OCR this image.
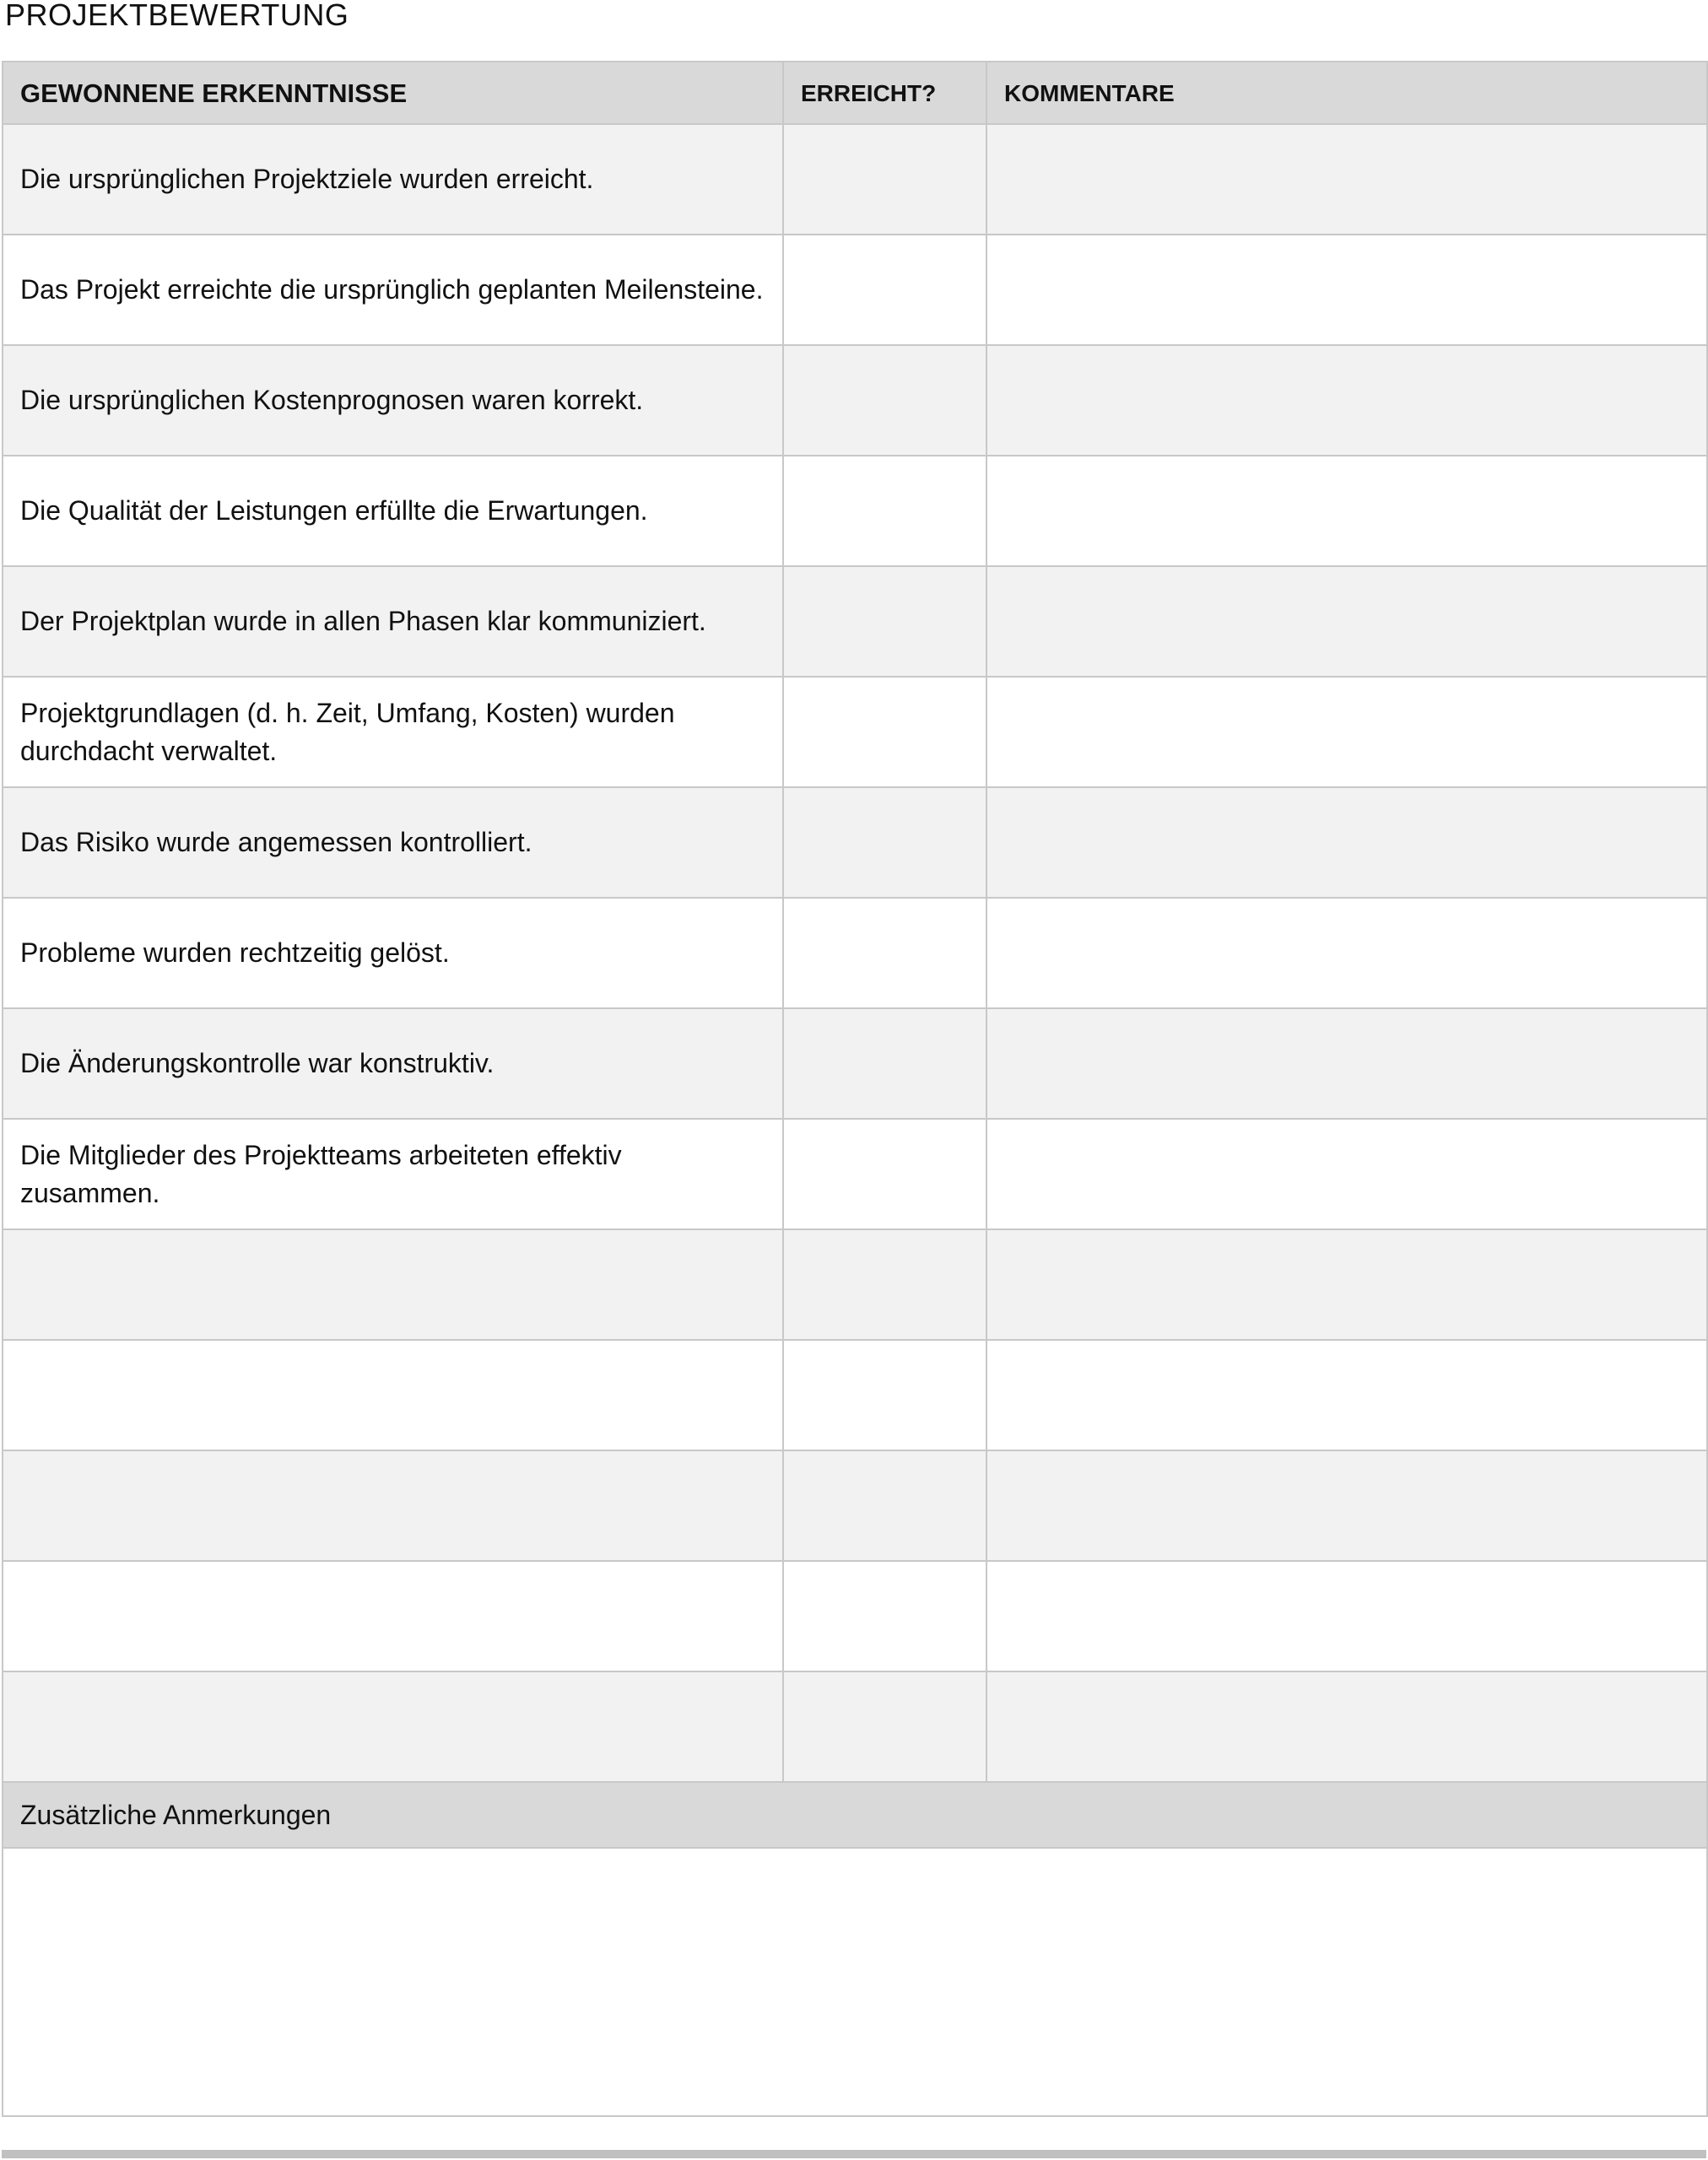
PROJEKTBEWERTUNG
GEWONNENE ERKENNTNISSE	ERREICHT?	KOMMENTARE
Die ursprünglichen Projektziele wurden erreicht.		
Das Projekt erreichte die ursprünglich geplanten Meilensteine.		
Die ursprünglichen Kostenprognosen waren korrekt.		
Die Qualität der Leistungen erfüllte die Erwartungen.		
Der Projektplan wurde in allen Phasen klar kommuniziert.		
Projektgrundlagen (d. h. Zeit, Umfang, Kosten) wurden durchdacht verwaltet.		
Das Risiko wurde angemessen kontrolliert.		
Probleme wurden rechtzeitig gelöst.		
Die Änderungskontrolle war konstruktiv.		
Die Mitglieder des Projektteams arbeiteten effektiv zusammen.		

Zusätzliche Anmerkungen		
